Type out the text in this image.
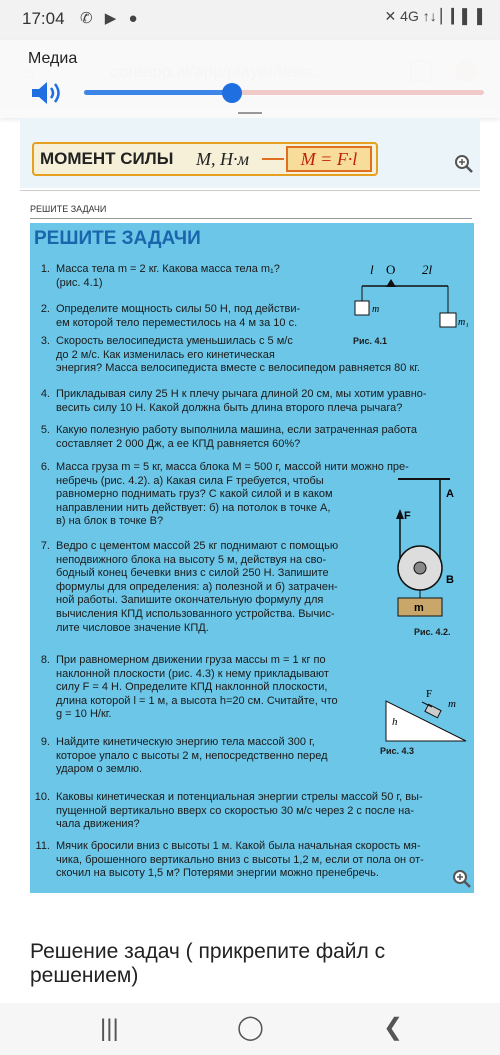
17:04 ✆ ▶ ●	✕ 4G ↑↓ ▏▎▌▐
Медиа
МОМЕНТ СИЛЫ M, Н·м	M = F·l
РЕШИТЕ ЗАДАЧИ
РЕШИТЕ ЗАДАЧИ
1. Масса тела m = 2 кг. Какова масса тела m₁?
(рис. 4.1)
2. Определите мощность силы 50 Н, под действи-
ем которой тело переместилось на 4 м за 10 с.
3. Скорость велосипедиста уменьшилась с 5 м/с
до 2 м/с. Как изменилась его кинетическая
энергия? Масса велосипедиста вместе с велосипедом равняется 80 кг.
4. Прикладывая силу 25 Н к плечу рычага длиной 20 см, мы хотим уравно-
весить силу 10 Н. Какой должна быть длина второго плеча рычага?
5. Какую полезную работу выполнила машина, если затраченная работа
составляет 2 000 Дж, а ее КПД равняется 60%?
6. Масса груза m = 5 кг, масса блока M = 500 г, массой нити можно пре-
небречь (рис. 4.2). а) Какая сила F требуется, чтобы
равномерно поднимать груз? С какой силой и в каком
направлении нить действует: б) на потолок в точке A,
в) на блок в точке B?
7. Ведро с цементом массой 25 кг поднимают с помощью
неподвижного блока на высоту 5 м, действуя на сво-
бодный конец бечевки вниз с силой 250 Н. Запишите
формулы для определения: а) полезной и б) затрачен-
ной работы. Запишите окончательную формулу для
вычисления КПД использованного устройства. Вычис-
лите числовое значение КПД.
8. При равномерном движении груза массы m = 1 кг по
наклонной плоскости (рис. 4.3) к нему прикладывают
силу F = 4 Н. Определите КПД наклонной плоскости,
длина которой l = 1 м, а высота h=20 см. Считайте, что
g = 10 Н/кг.
9. Найдите кинетическую энергию тела массой 300 г,
которое упало с высоты 2 м, непосредственно перед
ударом о землю.
10. Каковы кинетическая и потенциальная энергии стрелы массой 50 г, вы-
пущенной вертикально вверх со скоростью 30 м/с через 2 с после на-
чала движения?
11. Мячик бросили вниз с высоты 1 м. Какой была начальная скорость мя-
чика, брошенного вертикально вниз с высоты 1,2 м, если от пола он от-
скочил на высоту 1,5 м? Потерями энергии можно пренебречь.
l O 2l
m
m₁
Рис. 4.1
A
F
B
m
Рис. 4.2.
h
F
m
Рис. 4.3
Решение задач ( прикрепите файл с решением)
|||	◯	❮
